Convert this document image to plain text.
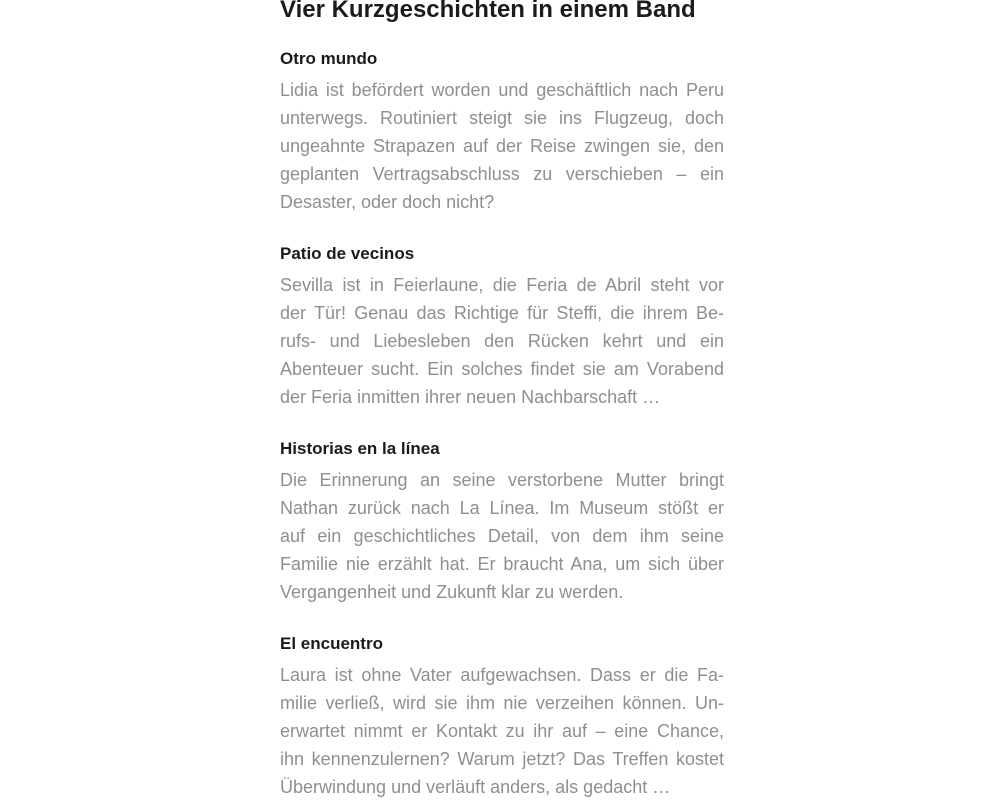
Vier Kurzgeschichten in einem Band
Otro mundo
Lidia ist befördert worden und geschäftlich nach Peru
unterwegs. Routiniert steigt sie ins Flugzeug, doch
ungeahnte Strapazen auf der Reise zwingen sie, den
geplanten Vertragsabschluss zu verschieben – ein
Desaster, oder doch nicht?
Patio de vecinos
Sevilla ist in Feierlaune, die Feria de Abril steht vor
der Tür! Genau das Richtige für Steffi, die ihrem Be-
rufs- und Liebesleben den Rücken kehrt und ein
Abenteuer sucht. Ein solches findet sie am Vorabend
der Feria inmitten ihrer neuen Nachbarschaft …
Historias en la línea
Die Erinnerung an seine verstorbene Mutter bringt
Nathan zurück nach La Línea. Im Museum stößt er
auf ein geschichtliches Detail, von dem ihm seine
Familie nie erzählt hat. Er braucht Ana, um sich über
Vergangenheit und Zukunft klar zu werden.
El encuentro
Laura ist ohne Vater aufgewachsen. Dass er die Fa-
milie verließ, wird sie ihm nie verzeihen können. Un-
erwartet nimmt er Kontakt zu ihr auf – eine Chance,
ihn kennenzulernen? Warum jetzt? Das Treffen kostet
Überwindung und verläuft anders, als gedacht …
